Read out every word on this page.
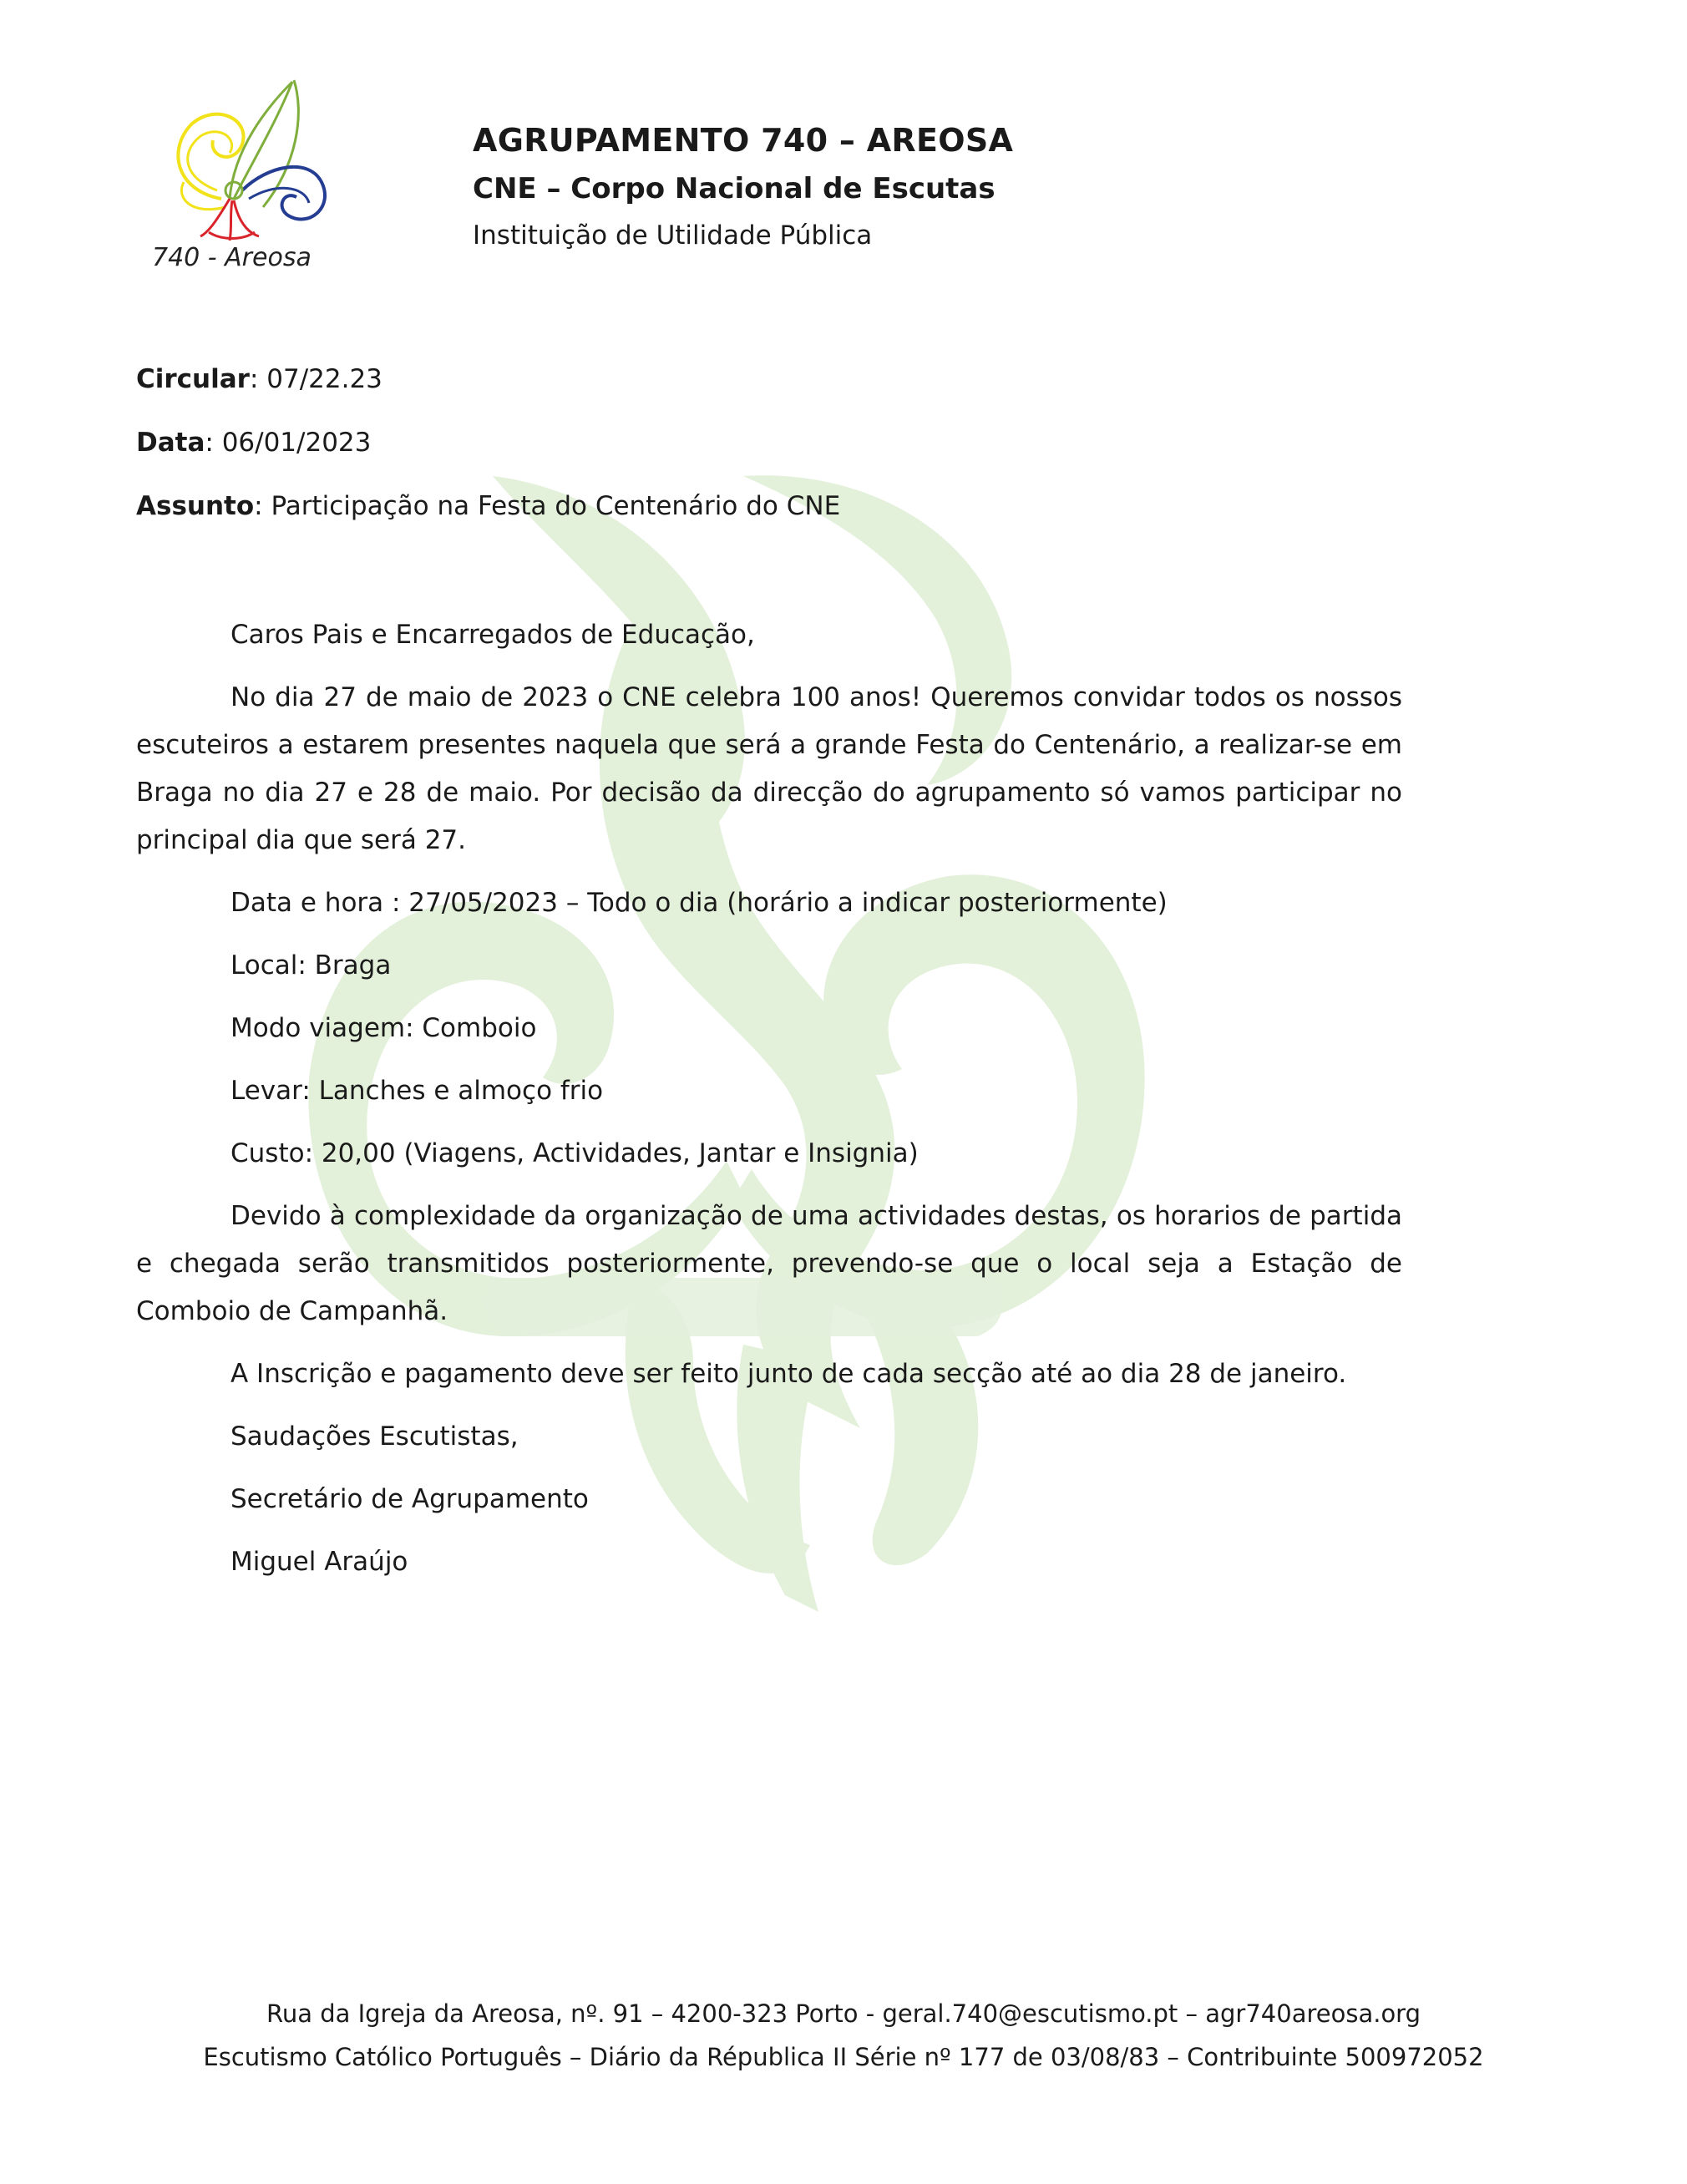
740 - Areosa
AGRUPAMENTO 740 – AREOSA
CNE – Corpo Nacional de Escutas
Instituição de Utilidade Pública
Circular: 07/22.23
Data: 06/01/2023
Assunto: Participação na Festa do Centenário do CNE

Caros Pais e Encarregados de Educação,

No dia 27 de maio de 2023 o CNE celebra 100 anos! Queremos convidar todos os nossos escuteiros a estarem presentes naquela que será a grande Festa do Centenário, a realizar-se em Braga no dia 27 e 28 de maio. Por decisão da direcção do agrupamento só vamos participar no principal dia que será 27.

Data e hora : 27/05/2023 – Todo o dia (horário a indicar posteriormente)

Local: Braga

Modo viagem: Comboio

Levar: Lanches e almoço frio

Custo: 20,00 (Viagens, Actividades, Jantar e Insignia)

Devido à complexidade da organização de uma actividades destas, os horarios de partida e chegada serão transmitidos posteriormente, prevendo-se que o local seja a Estação de Comboio de Campanhã.

A Inscrição e pagamento deve ser feito junto de cada secção até ao dia 28 de janeiro.

Saudações Escutistas,

Secretário de Agrupamento

Miguel Araújo

Rua da Igreja da Areosa, nº. 91 – 4200-323 Porto - geral.740@escutismo.pt – agr740areosa.org
Escutismo Católico Português – Diário da Républica II Série nº 177 de 03/08/83 – Contribuinte 500972052
